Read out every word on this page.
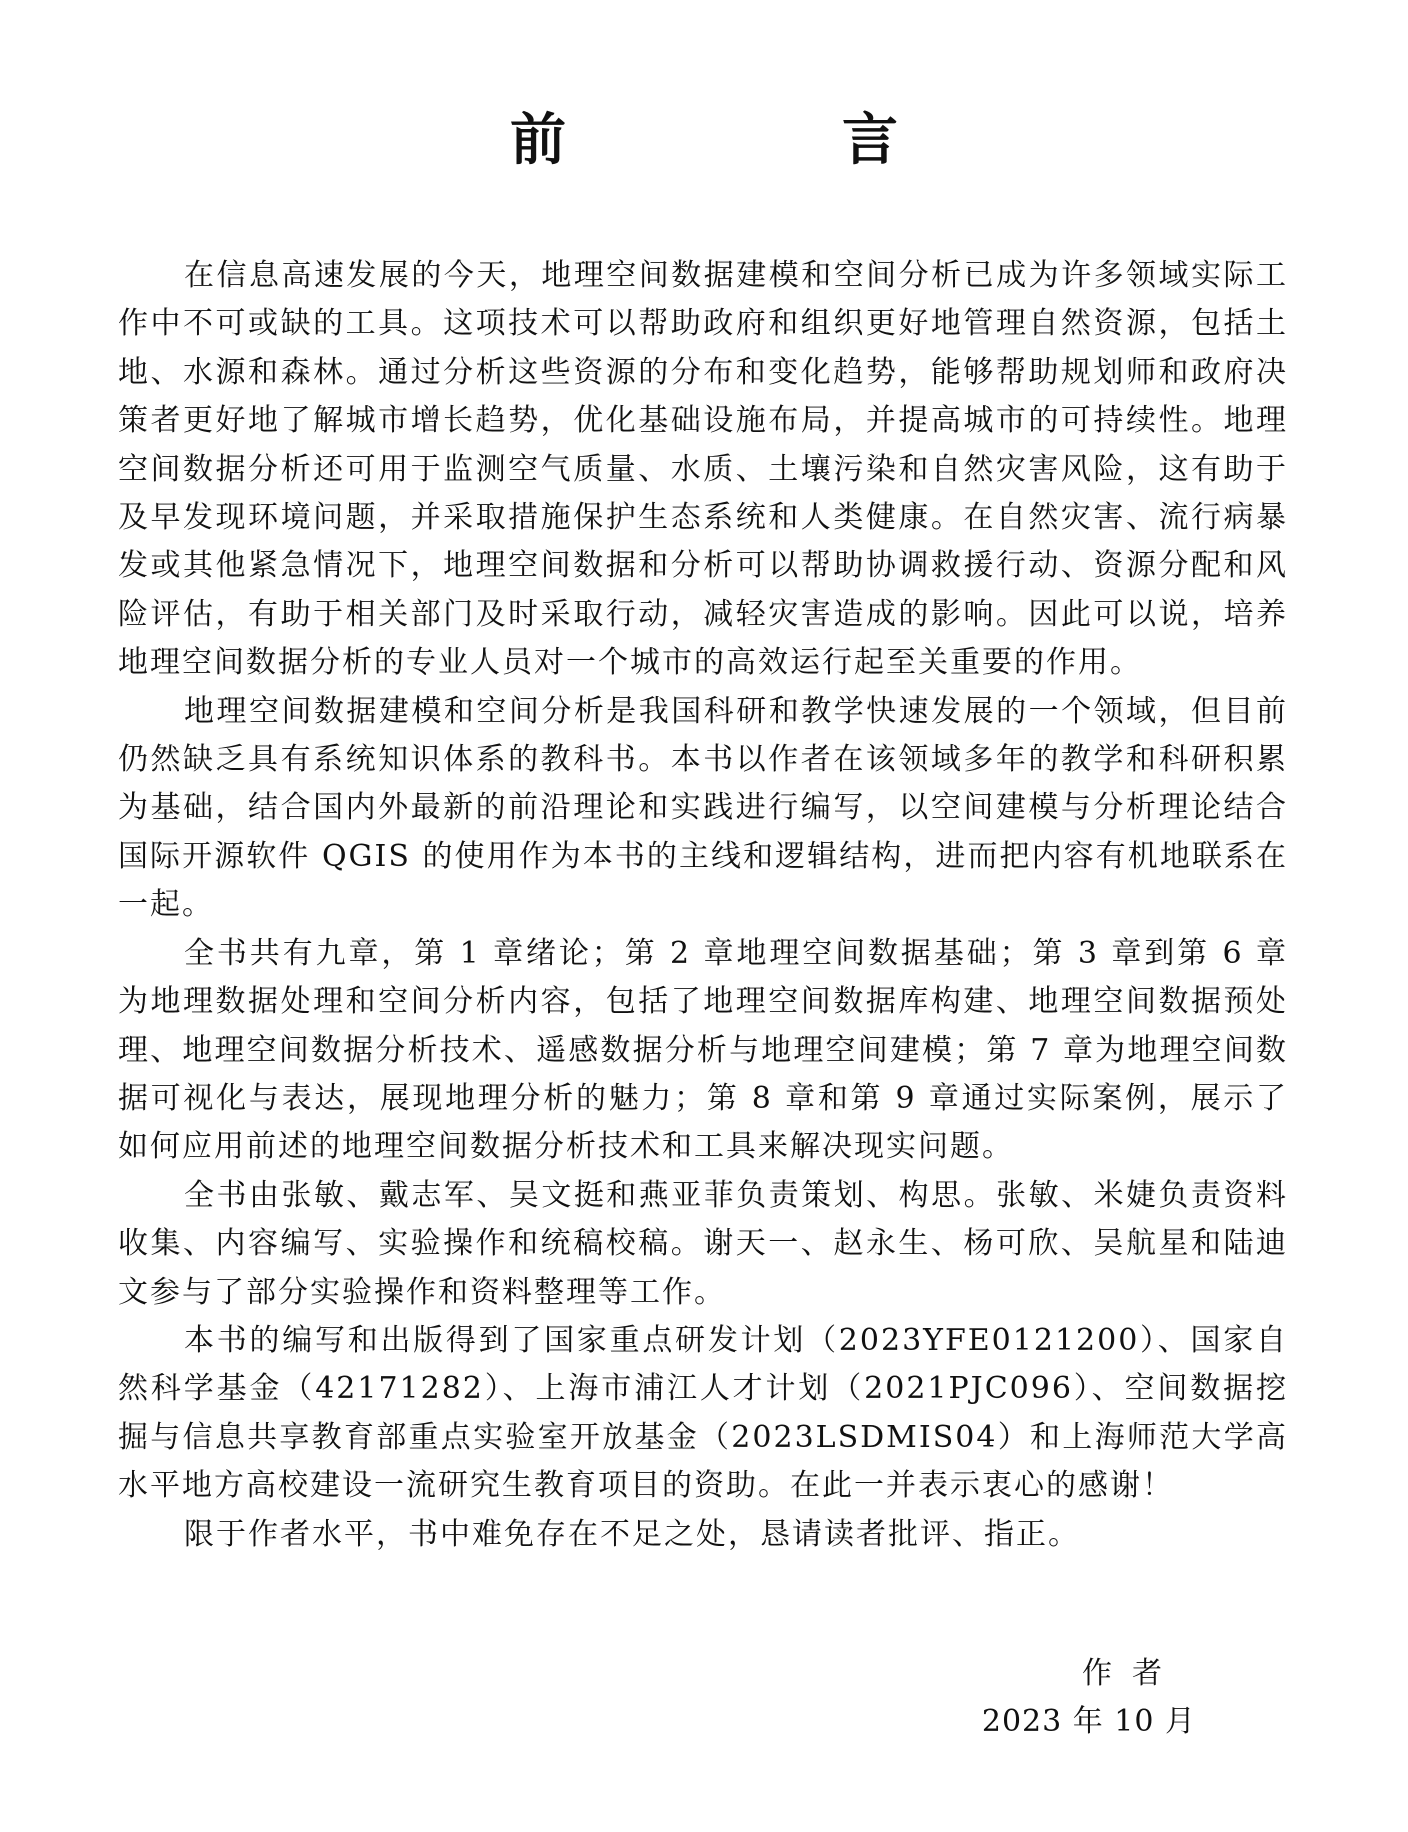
前　言

在信息高速发展的今天，地理空间数据建模和空间分析已成为许多领域实际工作中不可或缺的工具。这项技术可以帮助政府和组织更好地管理自然资源，包括土地、水源和森林。通过分析这些资源的分布和变化趋势，能够帮助规划师和政府决策者更好地了解城市增长趋势，优化基础设施布局，并提高城市的可持续性。地理空间数据分析还可用于监测空气质量、水质、土壤污染和自然灾害风险，这有助于及早发现环境问题，并采取措施保护生态系统和人类健康。在自然灾害、流行病暴发或其他紧急情况下，地理空间数据和分析可以帮助协调救援行动、资源分配和风险评估，有助于相关部门及时采取行动，减轻灾害造成的影响。因此可以说，培养地理空间数据分析的专业人员对一个城市的高效运行起至关重要的作用。

地理空间数据建模和空间分析是我国科研和教学快速发展的一个领域，但目前仍然缺乏具有系统知识体系的教科书。本书以作者在该领域多年的教学和科研积累为基础，结合国内外最新的前沿理论和实践进行编写，以空间建模与分析理论结合国际开源软件 QGIS 的使用作为本书的主线和逻辑结构，进而把内容有机地联系在一起。

全书共有九章，第 1 章绪论；第 2 章地理空间数据基础；第 3 章到第 6 章为地理数据处理和空间分析内容，包括了地理空间数据库构建、地理空间数据预处理、地理空间数据分析技术、遥感数据分析与地理空间建模；第 7 章为地理空间数据可视化与表达，展现地理分析的魅力；第 8 章和第 9 章通过实际案例，展示了如何应用前述的地理空间数据分析技术和工具来解决现实问题。

全书由张敏、戴志军、吴文挺和燕亚菲负责策划、构思。张敏、米婕负责资料收集、内容编写、实验操作和统稿校稿。谢天一、赵永生、杨可欣、吴航星和陆迪文参与了部分实验操作和资料整理等工作。

本书的编写和出版得到了国家重点研发计划（2023YFE0121200）、国家自然科学基金（42171282）、上海市浦江人才计划（2021PJC096）、空间数据挖掘与信息共享教育部重点实验室开放基金（2023LSDMIS04）和上海师范大学高水平地方高校建设一流研究生教育项目的资助。在此一并表示衷心的感谢！

限于作者水平，书中难免存在不足之处，恳请读者批评、指正。

作者
2023 年 10 月
